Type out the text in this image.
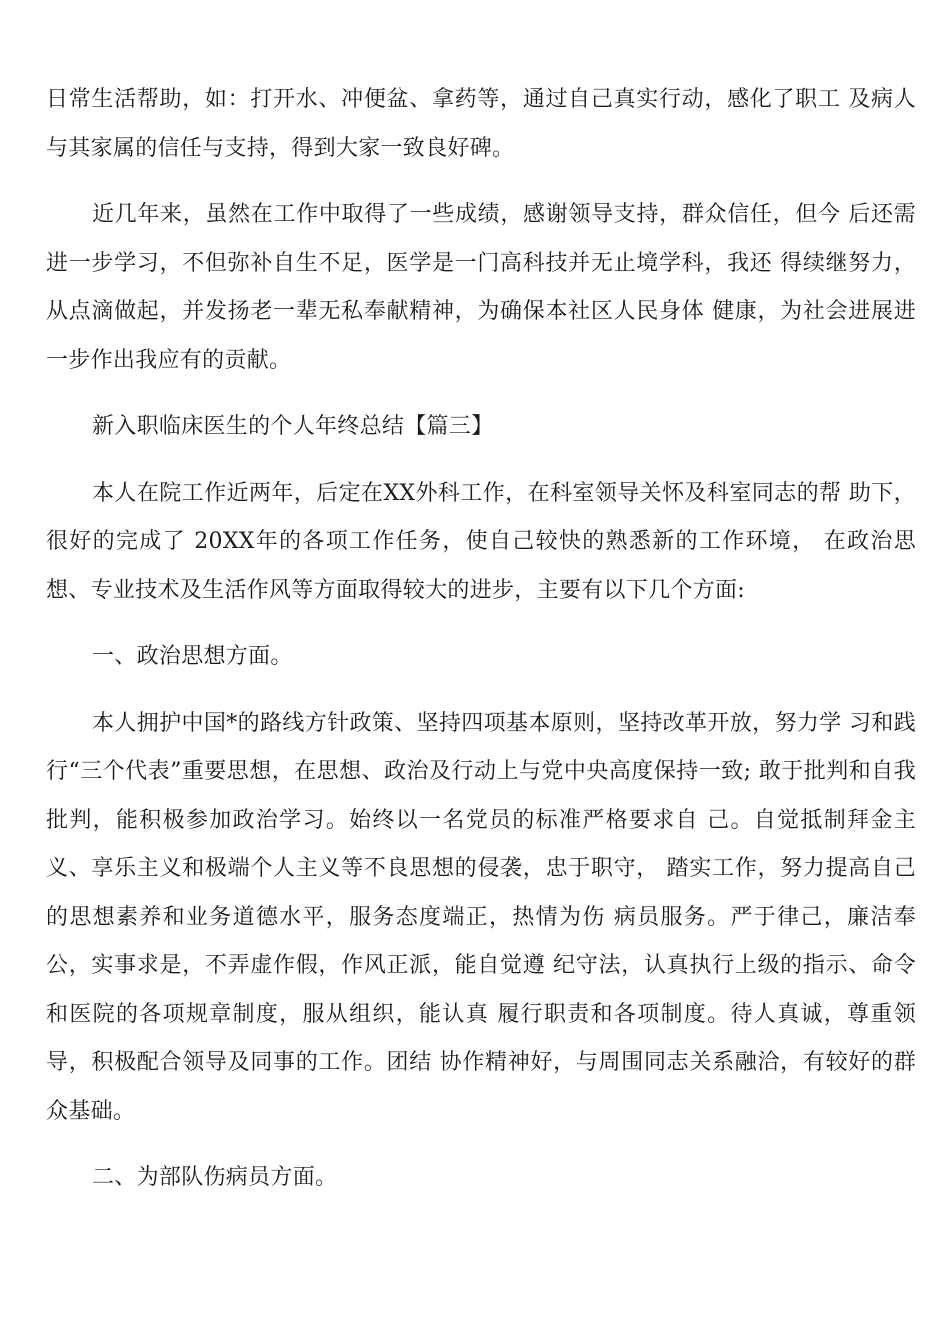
日常生活帮助，如：打开水、冲便盆、拿药等，通过自己真实行动，感化了职工 及病人与其家属的信任与支持，得到大家一致良好碑。

近几年来，虽然在工作中取得了一些成绩，感谢领导支持，群众信任，但今 后还需进一步学习，不但弥补自生不足，医学是一门高科技并无止境学科，我还 得续继努力，从点滴做起，并发扬老一辈无私奉献精神，为确保本社区人民身体 健康，为社会进展进一步作出我应有的贡献。

新入职临床医生的个人年终总结【篇三】

本人在院工作近两年，后定在XX外科工作，在科室领导关怀及科室同志的帮 助下，很好的完成了 20XX年的各项工作任务，使自己较快的熟悉新的工作环境， 在政治思想、专业技术及生活作风等方面取得较大的进步，主要有以下几个方面:

一、政治思想方面。

本人拥护中国*的路线方针政策、坚持四项基本原则，坚持改革开放，努力学 习和践行“三个代表”重要思想，在思想、政治及行动上与党中央高度保持一致; 敢于批判和自我批判，能积极参加政治学习。始终以一名党员的标准严格要求自 己。自觉抵制拜金主义、享乐主义和极端个人主义等不良思想的侵袭，忠于职守， 踏实工作，努力提高自己的思想素养和业务道德水平，服务态度端正，热情为伤 病员服务。严于律己，廉洁奉公，实事求是，不弄虚作假，作风正派，能自觉遵 纪守法，认真执行上级的指示、命令和医院的各项规章制度，服从组织，能认真 履行职责和各项制度。待人真诚，尊重领导，积极配合领导及同事的工作。团结 协作精神好，与周围同志关系融洽，有较好的群众基础。

二、为部队伤病员方面。
